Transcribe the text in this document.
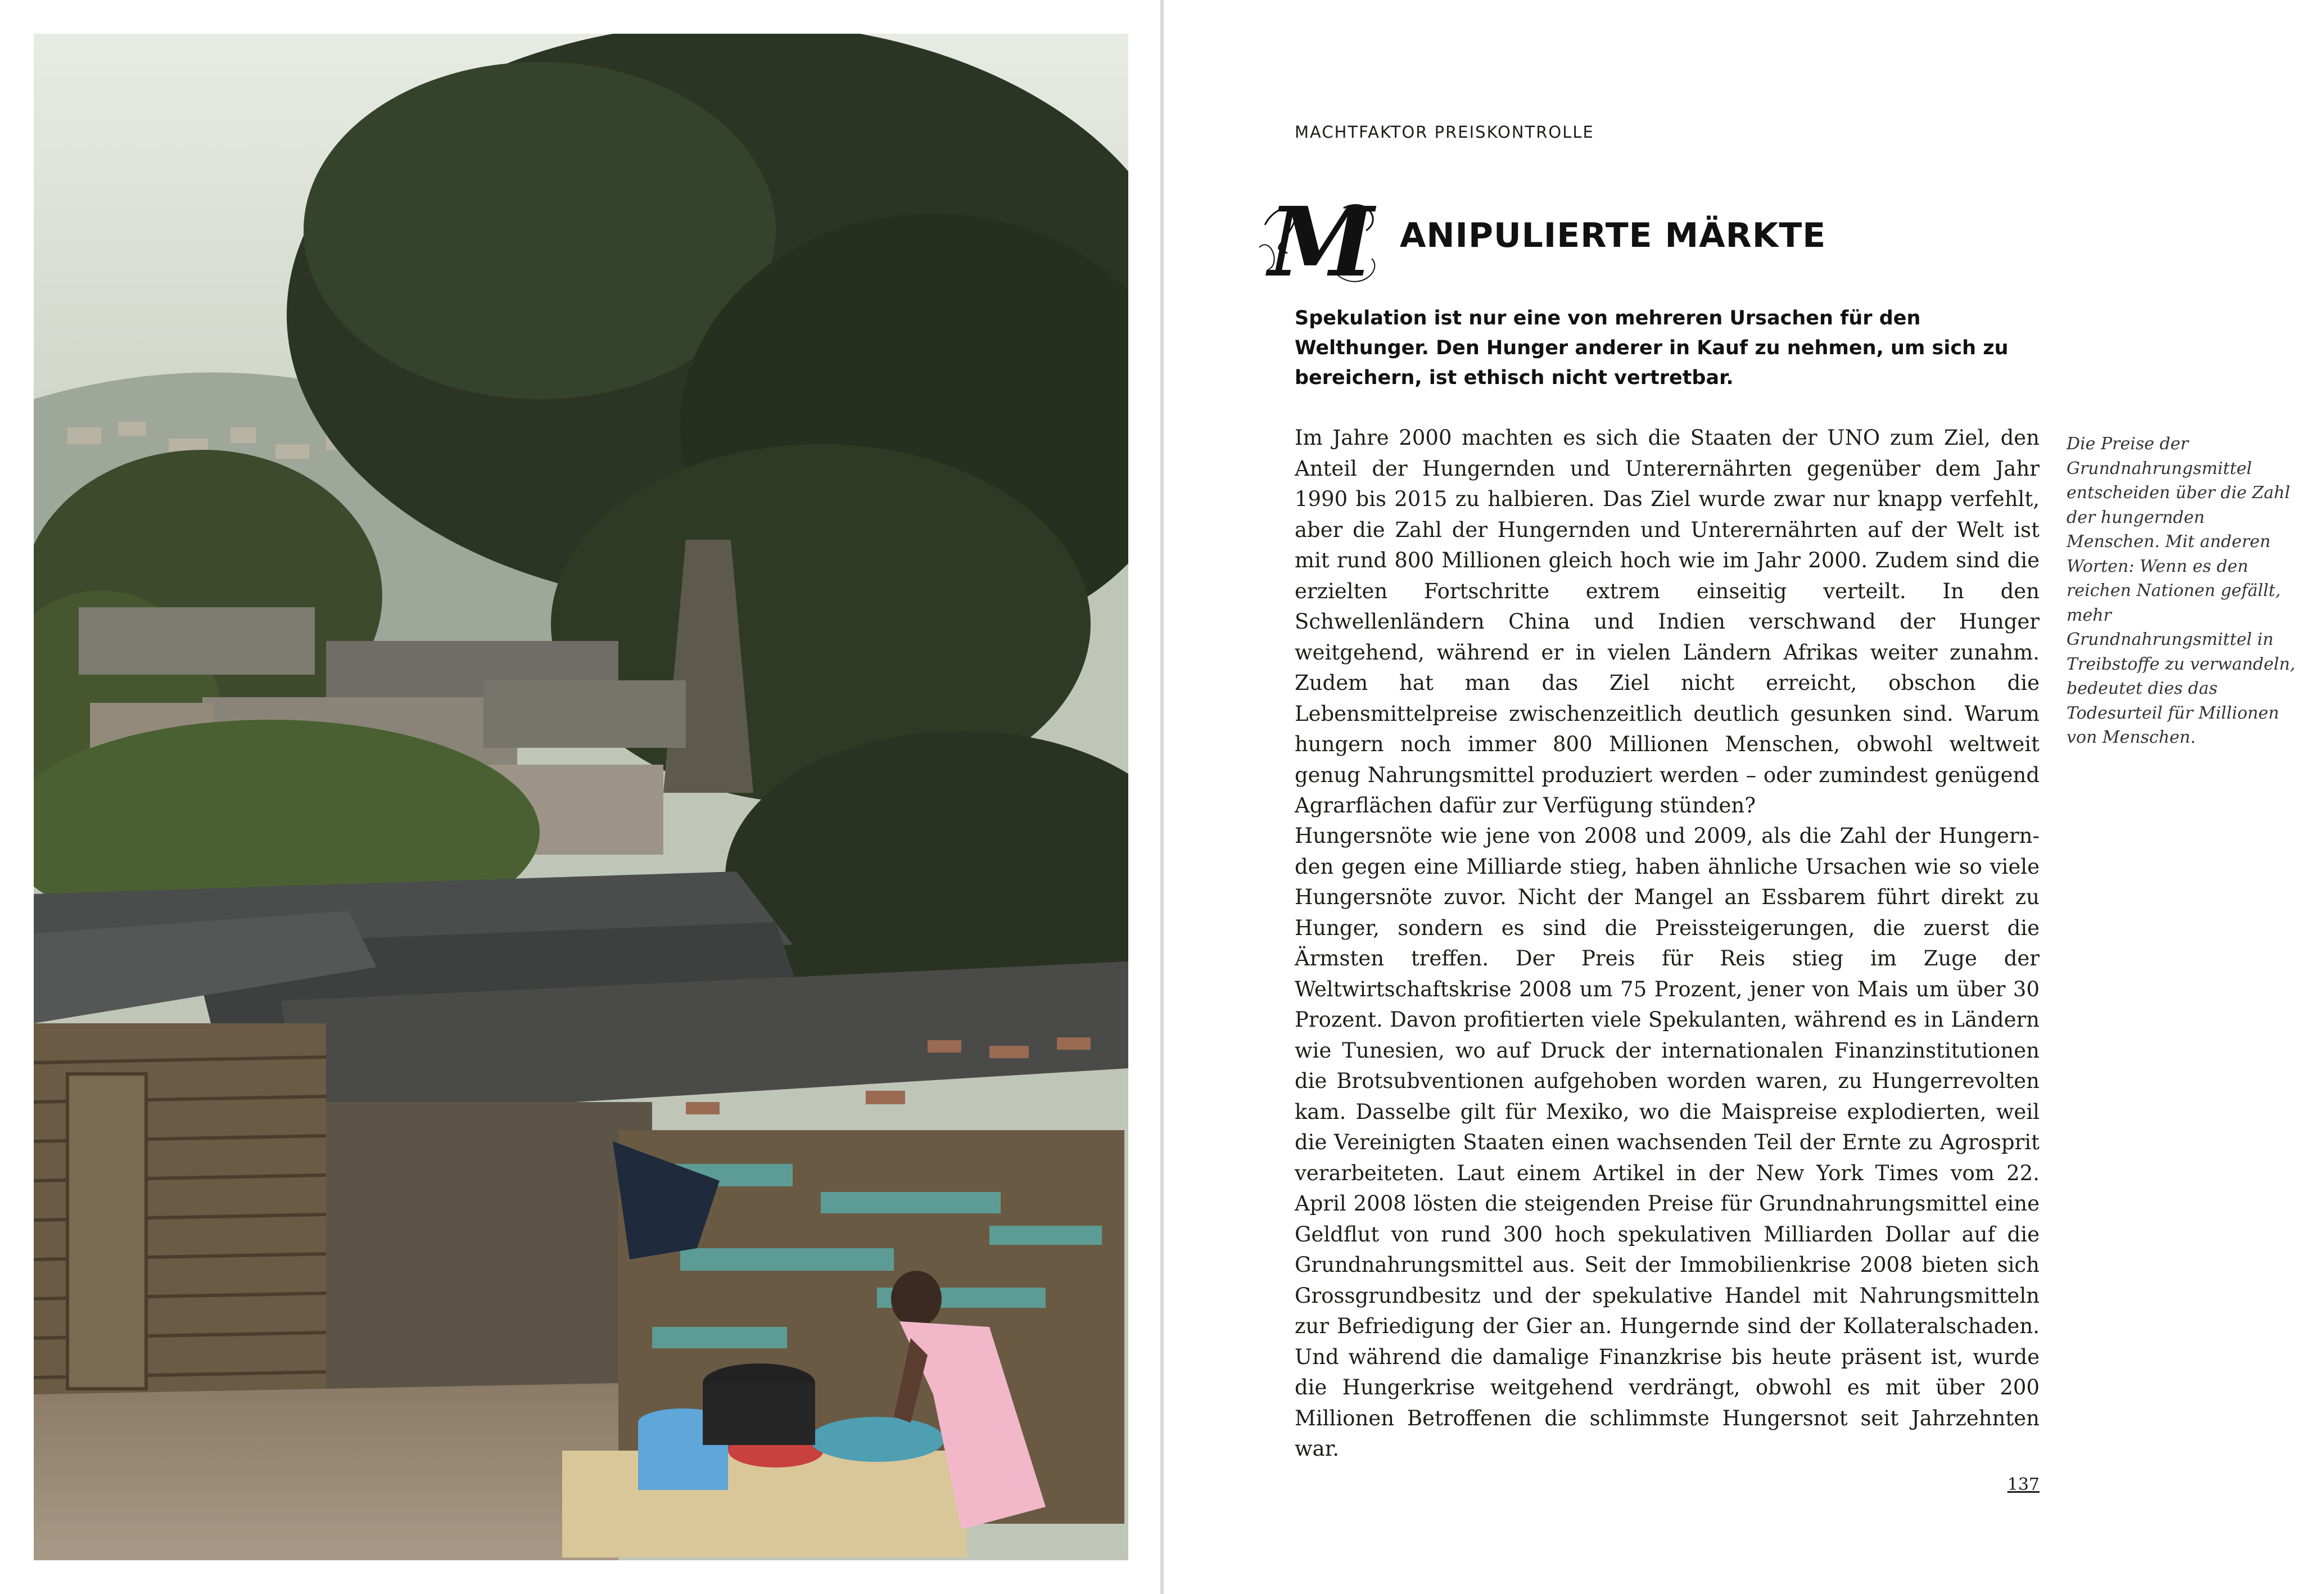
MACHTFAKTOR PREISKONTROLLE
M ANIPULIERTE MÄRKTE
Spekulation ist nur eine von mehreren Ursachen für den Welthunger. Den Hunger anderer in Kauf zu nehmen, um sich zu bereichern, ist ethisch nicht vertretbar.
Im Jahre 2000 machten es sich die Staaten der UNO zum Ziel, den Anteil der Hungernden und Unterernährten gegenüber dem Jahr 1990 bis 2015 zu halbieren. Das Ziel wurde zwar nur knapp verfehlt, aber die Zahl der Hungernden und Unterernährten auf der Welt ist mit rund 800 Millionen gleich hoch wie im Jahr 2000. Zudem sind die erzielten Fortschritte extrem einseitig verteilt. In den Schwellenländern China und Indien verschwand der Hunger weitgehend, während er in vielen Ländern Afrikas weiter zunahm. Zudem hat man das Ziel nicht erreicht, obschon die Lebensmittelpreise zwischenzeitlich deutlich gesunken sind. Warum hungern noch immer 800 Millionen Menschen, obwohl weltweit genug Nahrungsmittel produziert werden – oder zumindest genügend Agrarflächen dafür zur Verfügung stünden?
Hungersnöte wie jene von 2008 und 2009, als die Zahl der Hungernden gegen eine Milliarde stieg, haben ähnliche Ursachen wie so viele Hungersnöte zuvor. Nicht der Mangel an Essbarem führt direkt zu Hunger, sondern es sind die Preissteigerungen, die zuerst die Ärmsten treffen. Der Preis für Reis stieg im Zuge der Weltwirtschaftskrise 2008 um 75 Prozent, jener von Mais um über 30 Prozent. Davon profitierten viele Spekulanten, während es in Ländern wie Tunesien, wo auf Druck der internationalen Finanzinstitutionen die Brotsubventionen aufgehoben worden waren, zu Hungerrevolten kam. Dasselbe gilt für Mexiko, wo die Maispreise explodierten, weil die Vereinigten Staaten einen wachsenden Teil der Ernte zu Agrosprit verarbeiteten. Laut einem Artikel in der New York Times vom 22. April 2008 lösten die steigenden Preise für Grundnahrungsmittel eine Geldflut von rund 300 hoch spekulativen Milliarden Dollar auf die Grundnahrungsmittel aus. Seit der Immobilienkrise 2008 bieten sich Grossgrundbesitz und der spekulative Handel mit Nahrungsmitteln zur Befriedigung der Gier an. Hungernde sind der Kollateralschaden. Und während die damalige Finanzkrise bis heute präsent ist, wurde die Hungerkrise weitgehend verdrängt, obwohl es mit über 200 Millionen Betroffenen die schlimmste Hungersnot seit Jahrzehnten war.
Die Preise der Grundnahrungsmittel entscheiden über die Zahl der hungernden Menschen. Mit anderen Worten: Wenn es den reichen Nationen gefällt, mehr Grundnahrungsmittel in Treibstoffe zu verwandeln, bedeutet dies das Todesurteil für Millionen von Menschen.
137
